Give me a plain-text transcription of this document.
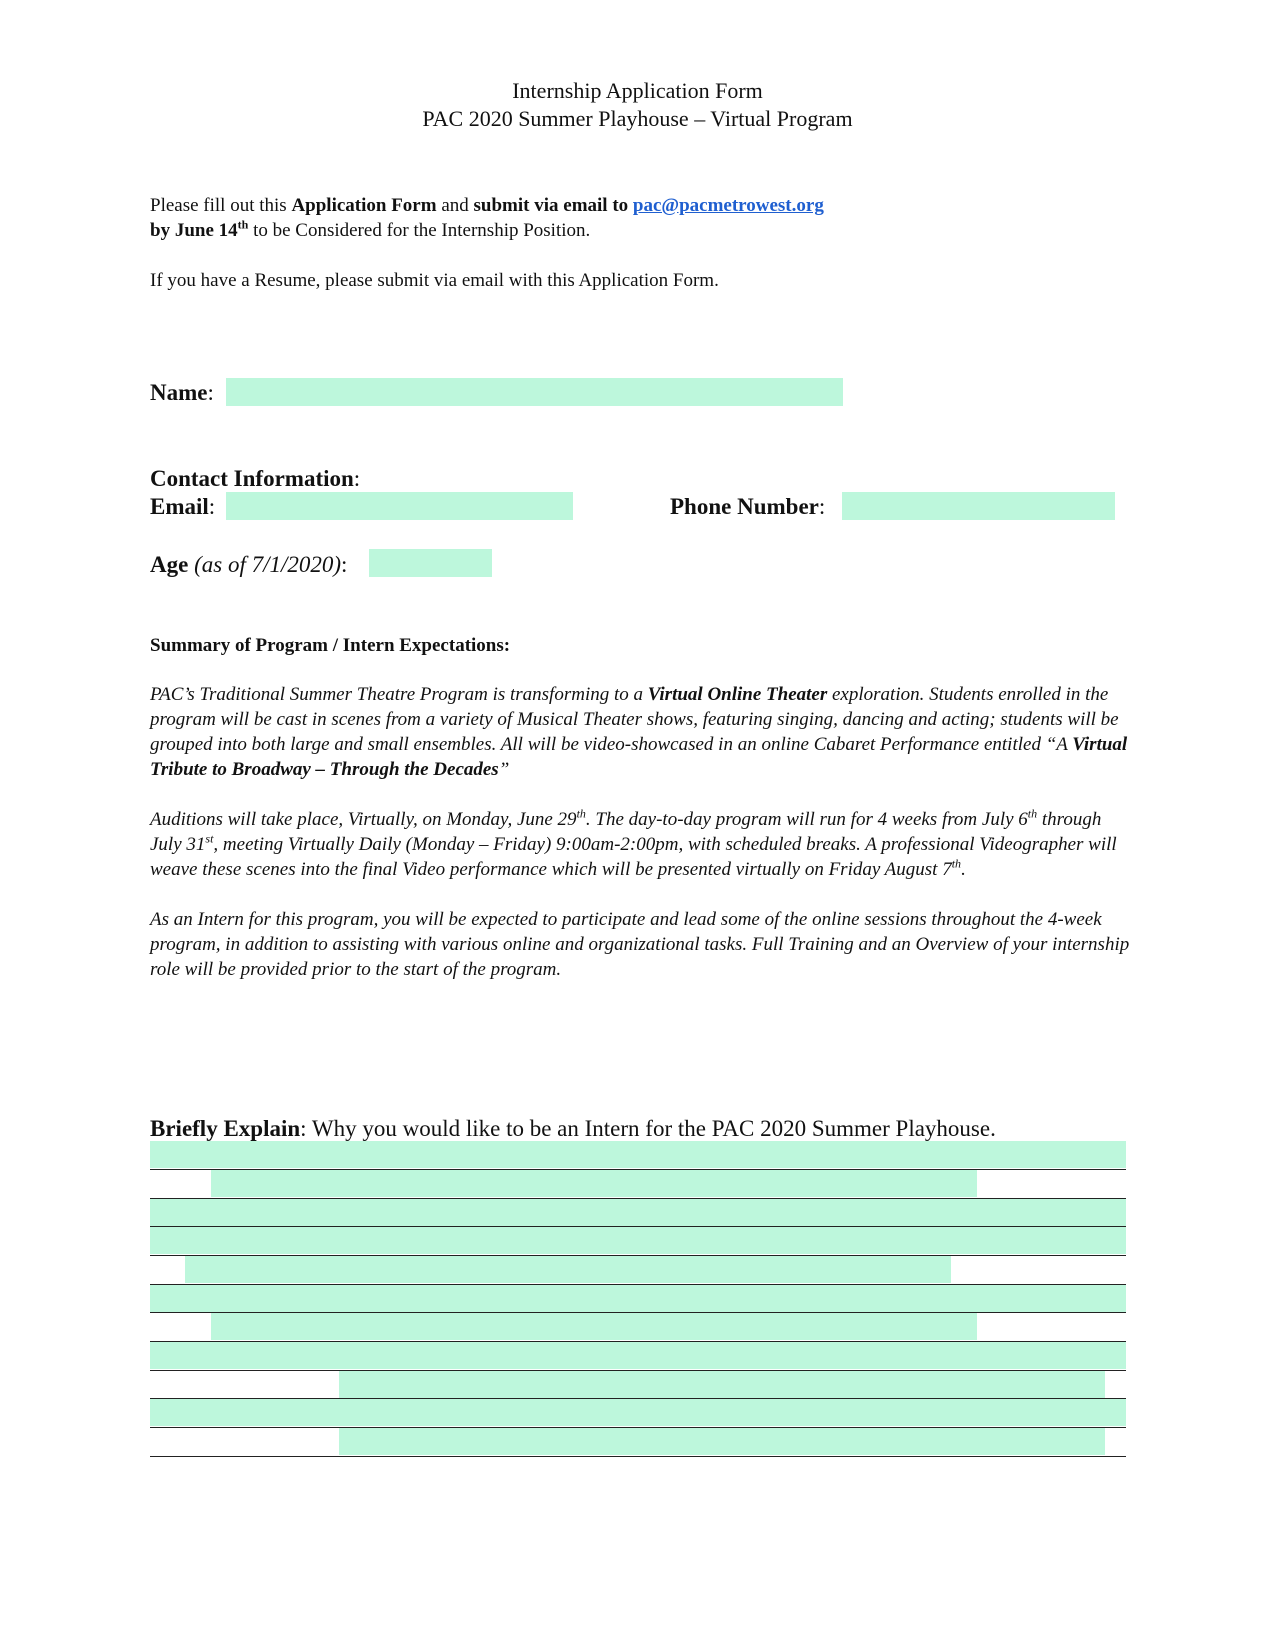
Internship Application Form
PAC 2020 Summer Playhouse – Virtual Program
Please fill out this Application Form and submit via email to pac@pacmetrowest.org
by June 14th to be Considered for the Internship Position.
If you have a Resume, please submit via email with this Application Form.
Name:
Contact Information:
Email:	Phone Number:
Age (as of 7/1/2020):
Summary of Program / Intern Expectations:

PAC’s Traditional Summer Theatre Program is transforming to a Virtual Online Theater exploration. Students enrolled in the program will be cast in scenes from a variety of Musical Theater shows, featuring singing, dancing and acting; students will be grouped into both large and small ensembles. All will be video-showcased in an online Cabaret Performance entitled “A Virtual Tribute to Broadway – Through the Decades”

Auditions will take place, Virtually, on Monday, June 29th. The day-to-day program will run for 4 weeks from July 6th through July 31st, meeting Virtually Daily (Monday – Friday) 9:00am-2:00pm, with scheduled breaks. A professional Videographer will weave these scenes into the final Video performance which will be presented virtually on Friday August 7th.

As an Intern for this program, you will be expected to participate and lead some of the online sessions throughout the 4-week program, in addition to assisting with various online and organizational tasks. Full Training and an Overview of your internship role will be provided prior to the start of the program.

Briefly Explain: Why you would like to be an Intern for the PAC 2020 Summer Playhouse.
